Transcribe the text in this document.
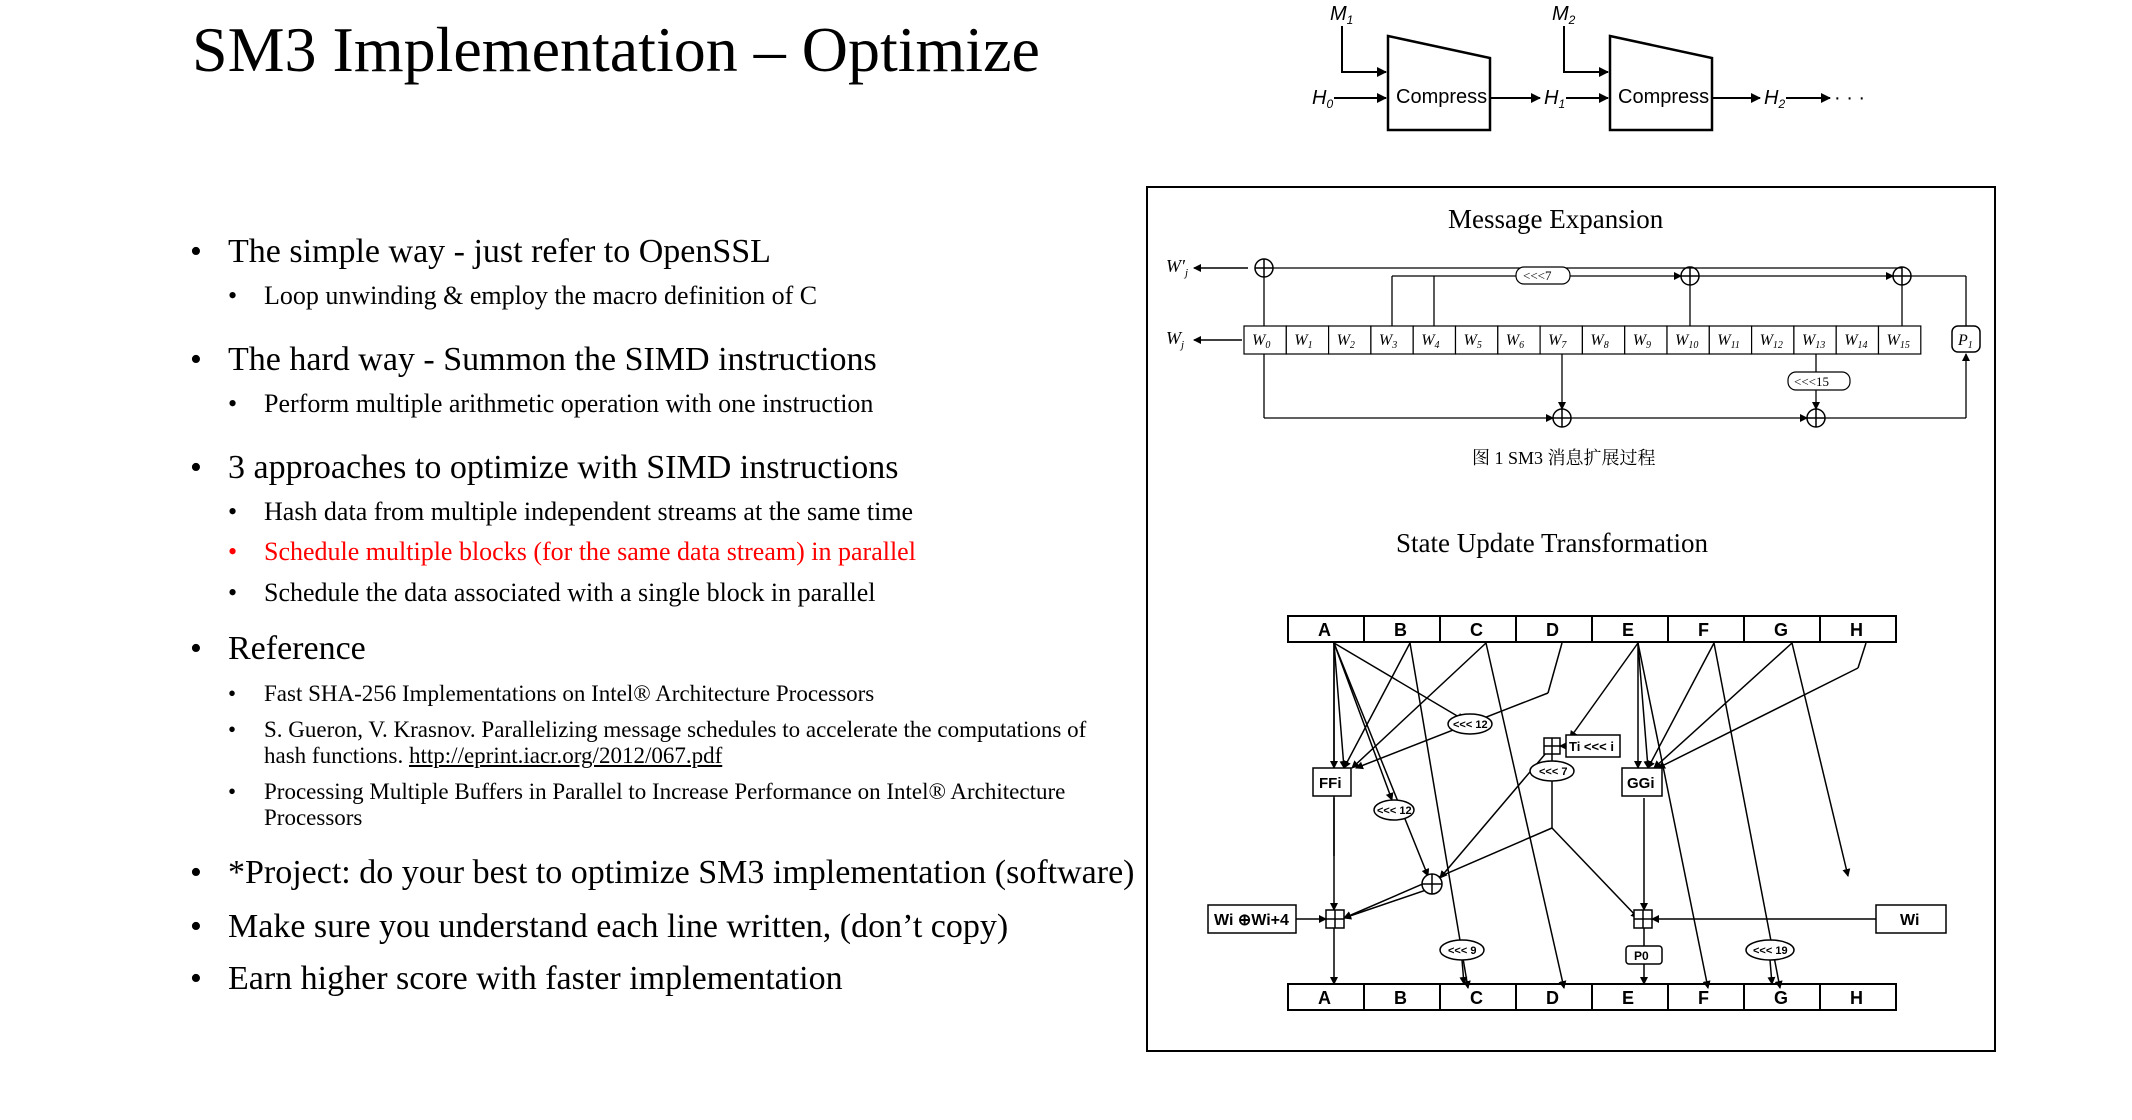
SM3 Implementation – Optimize
• The simple way - just refer to OpenSSL
• Loop unwinding & employ the macro definition of C
• The hard way - Summon the SIMD instructions
• Perform multiple arithmetic operation with one instruction
• 3 approaches to optimize with SIMD instructions
• Hash data from multiple independent streams at the same time
• Schedule multiple blocks (for the same data stream) in parallel
• Schedule the data associated with a single block in parallel
• Reference
• Fast SHA-256 Implementations on Intel® Architecture Processors
• S. Gueron, V. Krasnov. Parallelizing message schedules to accelerate the computations of hash functions. http://eprint.iacr.org/2012/067.pdf
• Processing Multiple Buffers in Parallel to Increase Performance on Intel® Architecture Processors
• *Project: do your best to optimize SM3 implementation (software)
• Make sure you understand each line written, (don’t copy)
• Earn higher score with faster implementation
$M_1$
$H_0$	Compress	$H_1$
$M_2$
Compress	$H_2$ · · ·
Message Expansion
$W'_j$
$W_j$	W0 W1 W2 W3 W4 W5 W6 W7 W8 W9 W10 W11 W12 W13 W14 W15	P1
<<<7
<<<15
图 1 SM3 消息扩展过程
State Update Transformation
A	B	C	D	E	F	G	H
A	B	C	D	E	F	G	H
FFi	GGi
Ti <<< i
<<< 12
<<< 7
<<< 12
<<< 9	<<< 19
P0
Wi ⊕Wi+4	Wi
